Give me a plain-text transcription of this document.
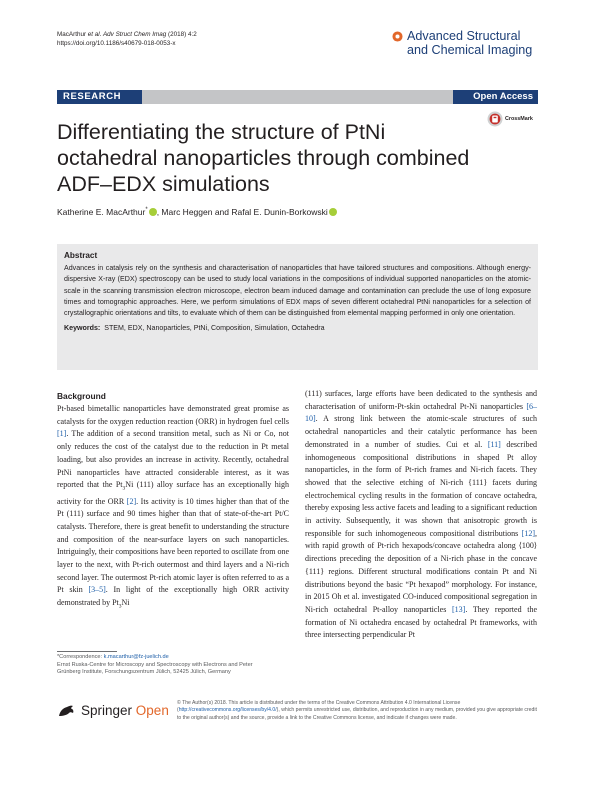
MacArthur et al. Adv Struct Chem Imag (2018) 4:2
https://doi.org/10.1186/s40679-018-0053-x
Advanced Structural
and Chemical Imaging
RESEARCH	Open Access
Differentiating the structure of PtNi octahedral nanoparticles through combined ADF–EDX simulations
CrossMark
Katherine E. MacArthur* , Marc Heggen and Rafal E. Dunin-Borkowski
Abstract
Advances in catalysis rely on the synthesis and characterisation of nanoparticles that have tailored structures and compositions. Although energy-dispersive X-ray (EDX) spectroscopy can be used to study local variations in the compositions of individual supported nanoparticles on the atomic-scale in the scanning transmission electron microscope, electron beam induced damage and contamination can preclude the use of long exposure times and tomographic approaches. Here, we perform simulations of EDX maps of seven different octahedral PtNi nanoparticles for a selection of crystallographic orientations and tilts, to evaluate which of them can be distinguished from elemental mapping performed in only one orientation.
Keywords: STEM, EDX, Nanoparticles, PtNi, Composition, Simulation, Octahedra
Background

Pt-based bimetallic nanoparticles have demonstrated great promise as catalysts for the oxygen reduction reaction (ORR) in hydrogen fuel cells [1]. The addition of a second transition metal, such as Ni or Co, not only reduces the cost of the catalyst due to the reduction in Pt metal loading, but also provides an increase in activity. Recently, octahedral PtNi nanoparticles have attracted considerable interest, as it was reported that the $Pt_3Ni$ (111) alloy surface has an exceptionally high activity for the ORR [2]. Its activity is 10 times higher than that of the Pt (111) surface and 90 times higher than that of state-of-the-art Pt/C catalysts. Therefore, there is great benefit to understanding the structure and composition of the near-surface layers on such nanoparticles. Intriguingly, their compositions have been reported to oscillate from one layer to the next, with Pt-rich outermost and third layers and a Ni-rich second layer. The outermost Pt-rich atomic layer is often referred to as a Pt skin [3–5]. In light of the exceptionally high ORR activity demonstrated by $Pt_3Ni$

(111) surfaces, large efforts have been dedicated to the synthesis and characterisation of uniform-Pt-skin octahedral Pt-Ni nanoparticles [6–10]. A strong link between the atomic-scale structures of such octahedral nanoparticles and their catalytic performance has been demonstrated in a number of studies. Cui et al. [11] described inhomogeneous compositional distributions in shaped Pt alloy nanoparticles, in the form of Pt-rich frames and Ni-rich facets. They showed that the selective etching of Ni-rich {111} facets during electrochemical cycling results in the formation of concave octahedra, thereby exposing less active facets and leading to a significant reduction in activity. Subsequently, it was shown that anisotropic growth is responsible for such inhomogeneous compositional distributions [12], with rapid growth of Pt-rich hexapods/concave octahedra along ⟨100⟩ directions preceding the deposition of a Ni-rich phase in the concave {111} regions. Different structural modifications contain Pt and Ni distributions beyond the basic “Pt hexapod” morphology. For instance, in 2015 Oh et al. investigated CO-induced compositional segregation in Ni-rich octahedral Pt-alloy nanoparticles [13]. They reported the formation of Ni octahedra encased by octahedral Pt frameworks, with three intersecting perpendicular Pt

*Correspondence: k.macarthur@fz-juelich.de
Ernst Ruska-Centre for Microscopy and Spectroscopy with Electrons and Peter Grünberg Institute, Forschungszentrum Jülich, 52425 Jülich, Germany
Springer Open © The Author(s) 2018. This article is distributed under the terms of the Creative Commons Attribution 4.0 International License (http://creativecommons.org/licenses/by/4.0/), which permits unrestricted use, distribution, and reproduction in any medium, provided you give appropriate credit to the original author(s) and the source, provide a link to the Creative Commons license, and indicate if changes were made.
